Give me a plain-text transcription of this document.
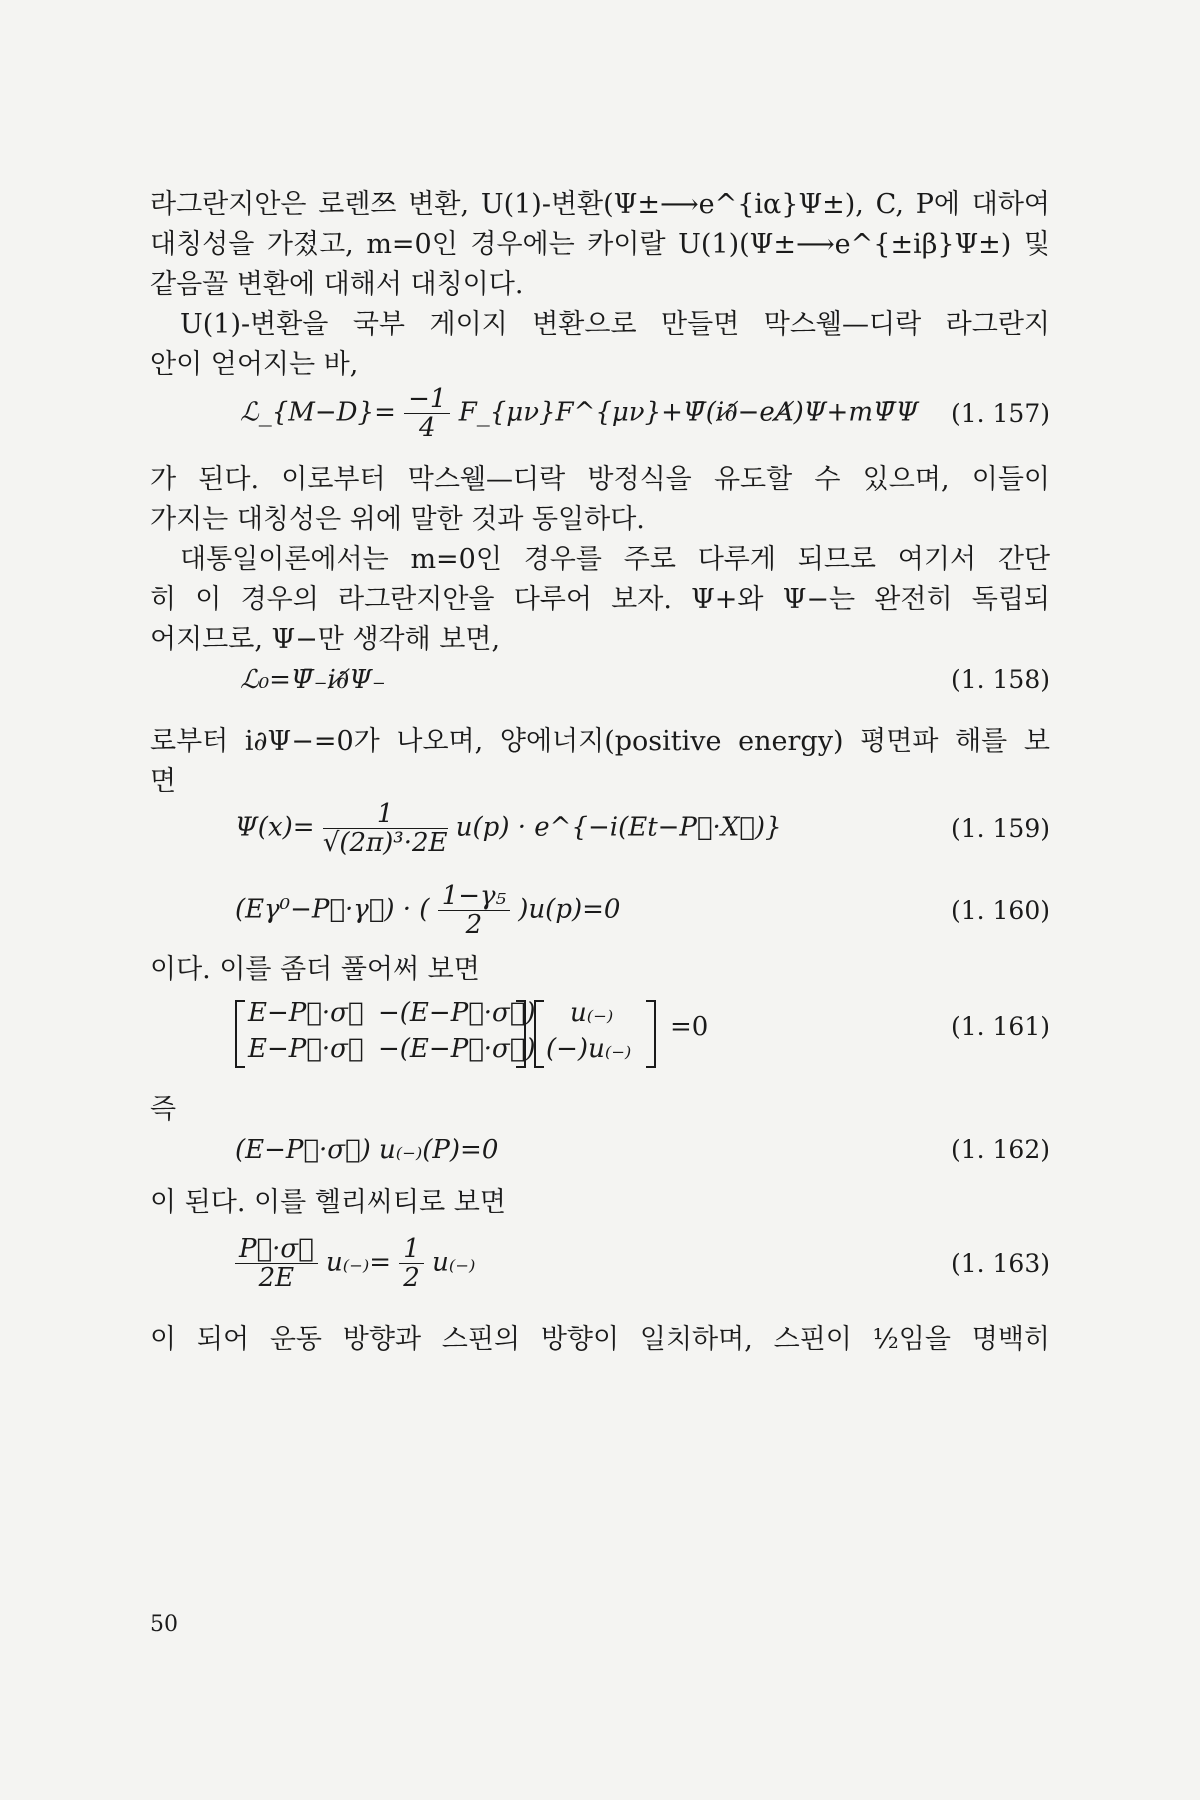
라그란지안은 로렌쯔 변환, U(1)-변환(Ψ±⟶e^{iα}Ψ±), C, P에 대하여
대칭성을 가졌고, m=0인 경우에는 카이랄 U(1)(Ψ±⟶e^{±iβ}Ψ±) 및
같음꼴 변환에 대해서 대칭이다.
U(1)-변환을 국부 게이지 변환으로 만들면 막스웰—디락 라그란지
안이 얻어지는 바,
ℒ_{M−D}= $\frac{-1}{4}$ F_{μν}F^{μν}+Ψ̄(i∂̸−eA̸)Ψ+mΨ̄Ψ (1. 157)
가 된다. 이로부터 막스웰—디락 방정식을 유도할 수 있으며, 이들이
가지는 대칭성은 위에 말한 것과 동일하다.
대통일이론에서는 m=0인 경우를 주로 다루게 되므로 여기서 간단
히 이 경우의 라그란지안을 다루어 보자. Ψ+와 Ψ−는 완전히 독립되
어지므로, Ψ−만 생각해 보면,
ℒ₀=Ψ̄₋i∂̸Ψ₋	(1. 158)
로부터 i∂Ψ−=0가 나오며, 양에너지(positive energy) 평면파 해를 보
면
$\Psi(x)= \frac{1}{\text{√(2π)³·2E}} u(p)$ · e^{−i(Et−P⃗·X⃗)}	(1. 159)
(Eγ⁰−P⃗·γ⃗) · ( $\frac{\text{1−γ₅}}{2} )u(p)=0$	(1. 160)
이다. 이를 좀더 풀어써 보면
E−P⃗·σ⃗ −(E−P⃗·σ⃗)
E−P⃗·σ⃗ −(E−P⃗·σ⃗)
u₍₋₎
(−)u₍₋₎
=0	(1. 161)
즉
(E−P⃗·σ⃗) u₍₋₎(P)=0	(1. 162)
이 된다. 이를 헬리씨티로 보면
$\frac{P⃗\cdot\sigma⃗}{2E} u_{(-)}= \frac{1}{2} u_{(-)}$	(1. 163)
이 되어 운동 방향과 스핀의 방향이 일치하며, 스핀이 ½임을 명백히
50
